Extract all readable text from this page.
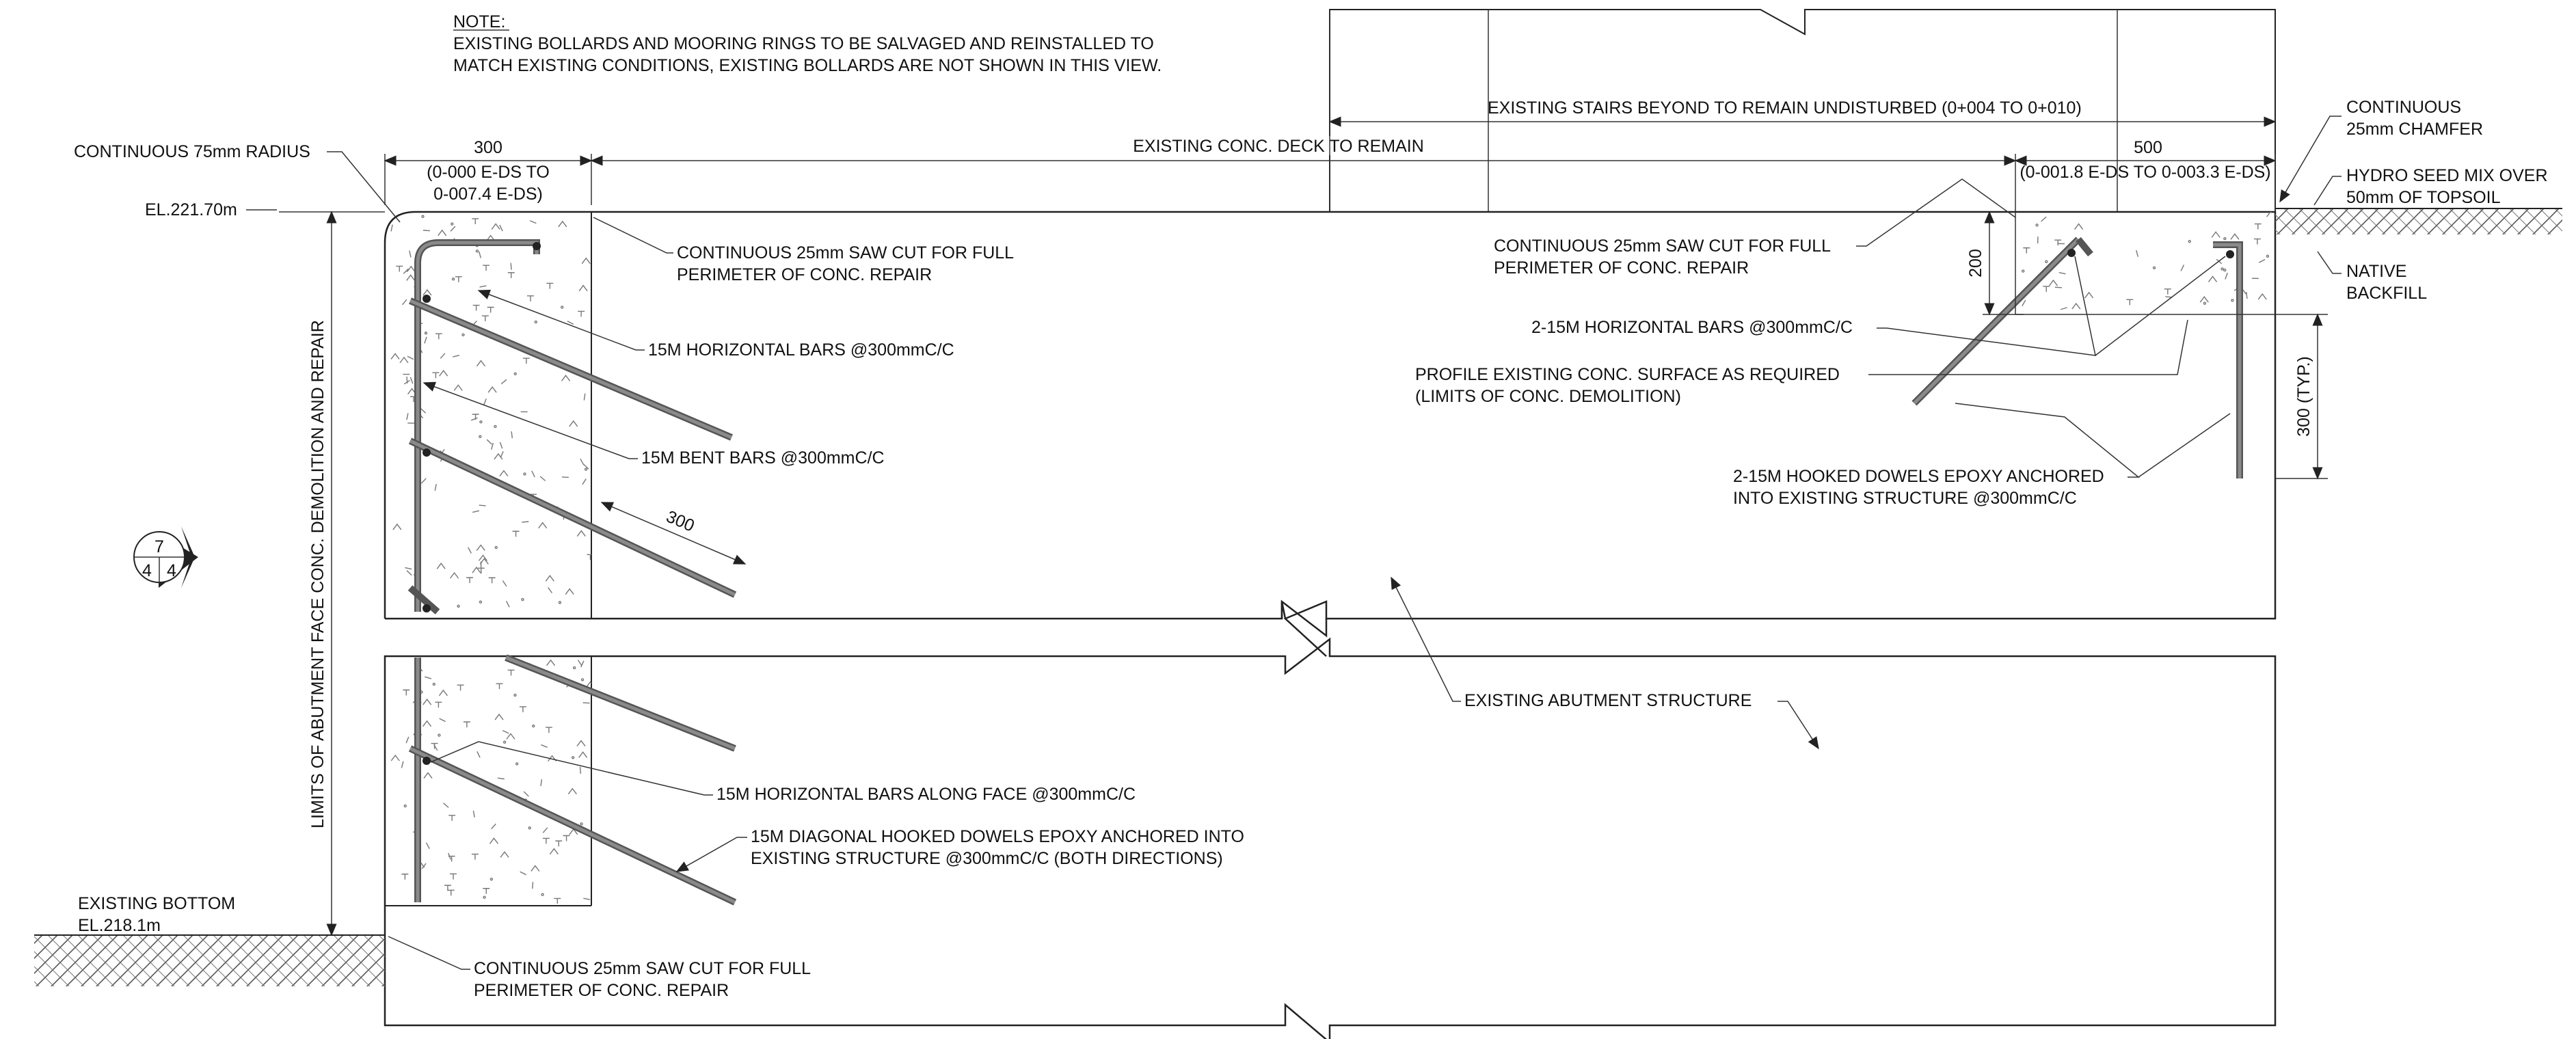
NOTE:
EXISTING BOLLARDS AND MOORING RINGS TO BE SALVAGED AND REINSTALLED TO
MATCH EXISTING CONDITIONS, EXISTING BOLLARDS ARE NOT SHOWN IN THIS VIEW.
EXISTING STAIRS BEYOND TO REMAIN UNDISTURBED (0+004 TO 0+010)
300
(0-000 E-DS TO
0-007.4 E-DS)
EXISTING CONC. DECK TO REMAIN	500
(0-001.8 E-DS TO 0-003.3 E-DS)
200
300 (TYP.)
LIMITS OF ABUTMENT FACE CONC. DEMOLITION AND REPAIR
EL.221.70m
7
4 4
CONTINUOUS 75mm RADIUS
CONTINUOUS
25mm CHAMFER
HYDRO SEED MIX OVER
50mm OF TOPSOIL
NATIVE
BACKFILL
CONTINUOUS 25mm SAW CUT FOR FULL
PERIMETER OF CONC. REPAIR
15M HORIZONTAL BARS @300mmC/C
15M BENT BARS @300mmC/C
300
CONTINUOUS 25mm SAW CUT FOR FULL
PERIMETER OF CONC. REPAIR
2-15M HORIZONTAL BARS @300mmC/C
PROFILE EXISTING CONC. SURFACE AS REQUIRED
(LIMITS OF CONC. DEMOLITION)
2-15M HOOKED DOWELS EPOXY ANCHORED
INTO EXISTING STRUCTURE @300mmC/C
EXISTING ABUTMENT STRUCTURE
15M HORIZONTAL BARS ALONG FACE @300mmC/C
15M DIAGONAL HOOKED DOWELS EPOXY ANCHORED INTO
EXISTING STRUCTURE @300mmC/C (BOTH DIRECTIONS)
EXISTING BOTTOM
EL.218.1m
CONTINUOUS 25mm SAW CUT FOR FULL
PERIMETER OF CONC. REPAIR
